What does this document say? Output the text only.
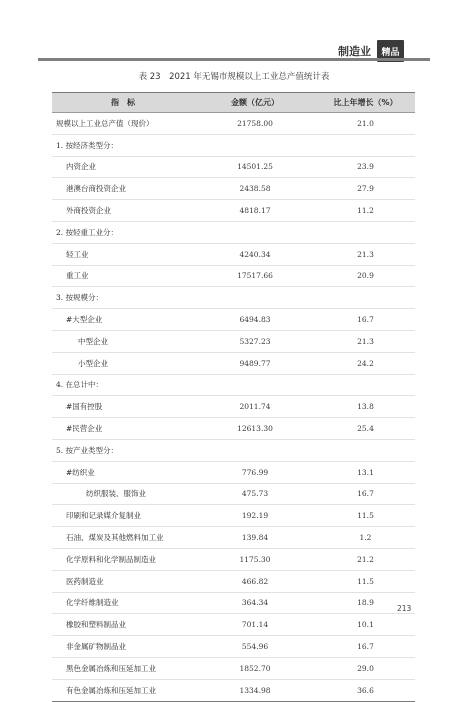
制造业	精品
表 23　2021 年无锡市规模以上工业总产值统计表
指　标	金额（亿元）	比上年增长（%）
规模以上工业总产值（现价）	21758.00	21.0
1. 按经济类型分：
内资企业	14501.25	23.9
港澳台商投资企业	2438.58	27.9
外商投资企业	4818.17	11.2
2. 按轻重工业分：
轻工业	4240.34	21.3
重工业	17517.66	20.9
3. 按规模分：
#大型企业	6494.83	16.7
中型企业	5327.23	21.3
小型企业	9489.77	24.2
4. 在总计中：
#国有控股	2011.74	13.8
#民营企业	12613.30	25.4
5. 按产业类型分：
#纺织业	776.99	13.1
纺织服装、服饰业	475.73	16.7
印刷和记录媒介复制业	192.19	11.5
石油、煤炭及其他燃料加工业	139.84	1.2
化学原料和化学制品制造业	1175.30	21.2
医药制造业	466.82	11.5
化学纤维制造业	364.34	18.9
橡胶和塑料制品业	701.14	10.1
非金属矿物制品业	554.96	16.7
黑色金属冶炼和压延加工业	1852.70	29.0
有色金属冶炼和压延加工业	1334.98	36.6
213
